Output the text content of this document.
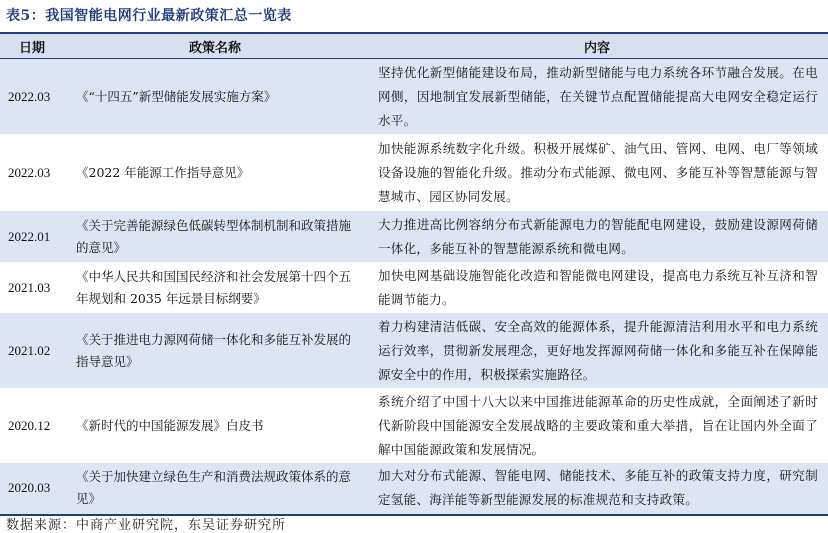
表5：我国智能电网行业最新政策汇总一览表
日期	政策名称	内容
2022.03	《“十四五”新型储能发展实施方案》	坚持优化新型储能建设布局，推动新型储能与电力系统各环节融合发展。在电网侧，因地制宜发展新型储能，在关键节点配置储能提高大电网安全稳定运行水平。
2022.03	《2022 年能源工作指导意见》	加快能源系统数字化升级。积极开展煤矿、油气田、管网、电网、电厂等领域设备设施的智能化升级。推动分布式能源、微电网、多能互补等智慧能源与智慧城市、园区协同发展。
2022.01	《关于完善能源绿色低碳转型体制机制和政策措施的意见》	大力推进高比例容纳分布式新能源电力的智能配电网建设，鼓励建设源网荷储一体化，多能互补的智慧能源系统和微电网。
2021.03	《中华人民共和国国民经济和社会发展第十四个五年规划和 2035 年远景目标纲要》	加快电网基础设施智能化改造和智能微电网建设，提高电力系统互补互济和智能调节能力。
2021.02	《关于推进电力源网荷储一体化和多能互补发展的指导意见》	着力构建清洁低碳、安全高效的能源体系，提升能源清洁利用水平和电力系统运行效率，贯彻新发展理念，更好地发挥源网荷储一体化和多能互补在保障能源安全中的作用，积极探索实施路径。
2020.12	《新时代的中国能源发展》白皮书	系统介绍了中国十八大以来中国推进能源革命的历史性成就，全面阐述了新时代新阶段中国能源安全发展战略的主要政策和重大举措，旨在让国内外全面了解中国能源政策和发展情况。
2020.03	《关于加快建立绿色生产和消费法规政策体系的意见》	加大对分布式能源、智能电网、储能技术、多能互补的政策支持力度，研究制定氢能、海洋能等新型能源发展的标准规范和支持政策。
数据来源：中商产业研究院，东吴证券研究所
